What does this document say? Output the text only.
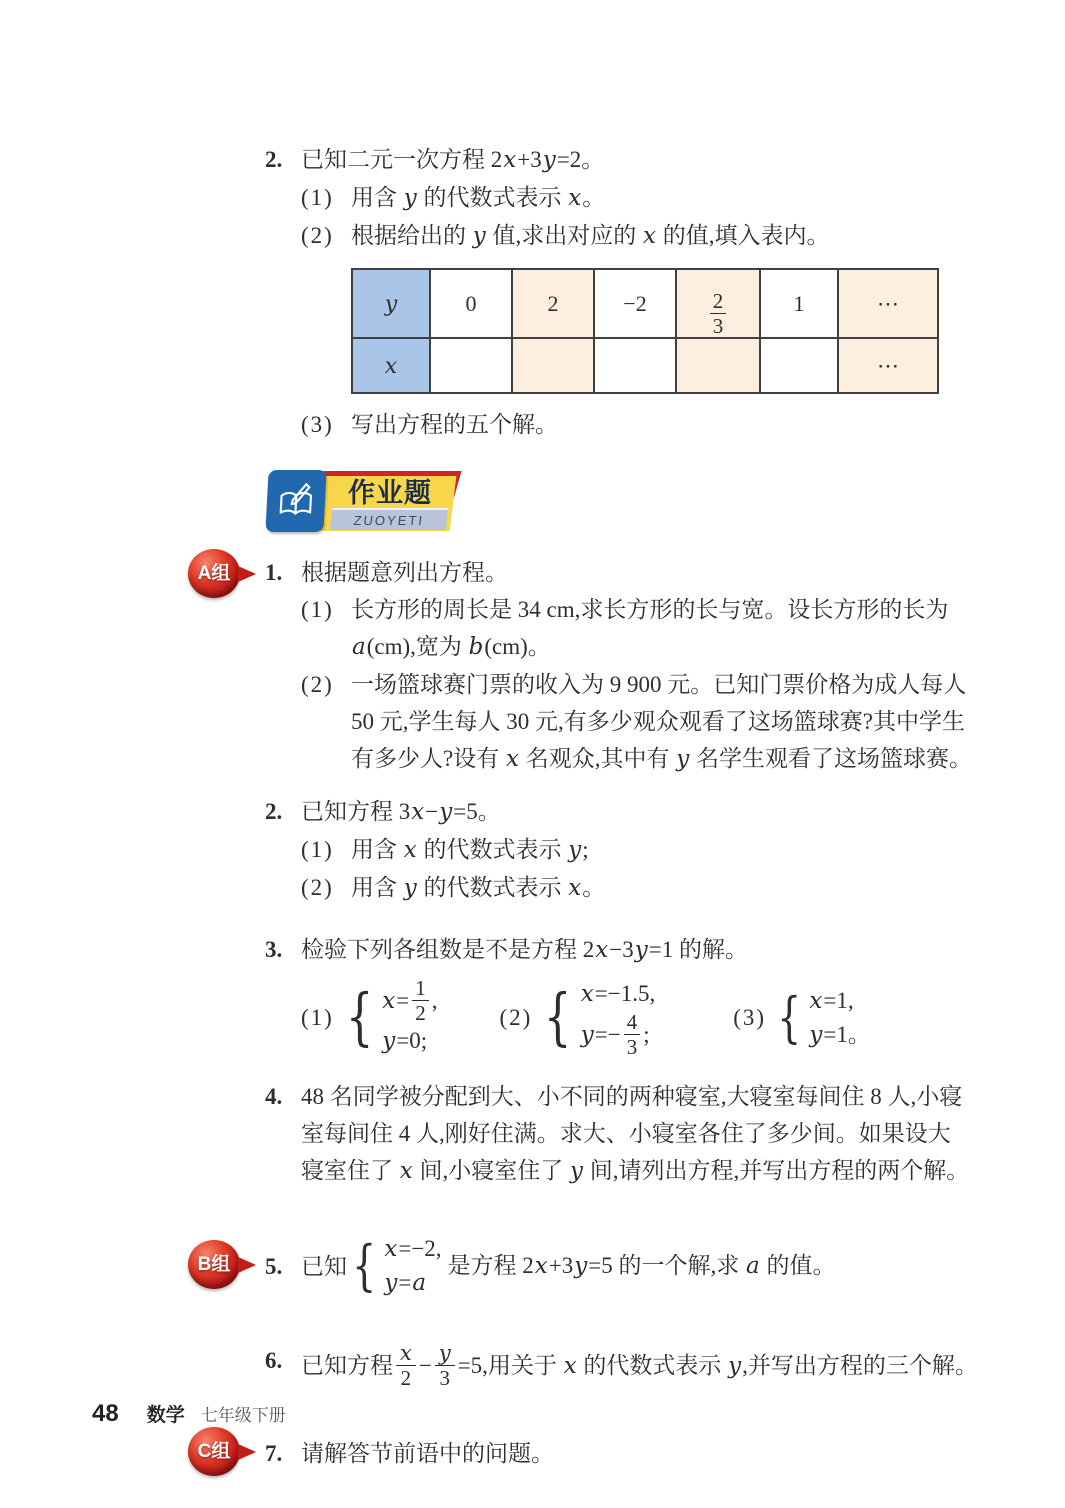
2. 已知二元一次方程 2x+3y=2。
(1) 用含 y 的代数式表示 x。
(2) 根据给出的 y 值,求出对应的 x 的值,填入表内。
y	0	2	−2	$\frac{2}{3}$	1	⋯
x						⋯
(3) 写出方程的五个解。
ZUOYETI
作业题
A组	1. 根据题意列出方程。
(1) 长方形的周长是 34 cm,求长方形的长与宽。设长方形的长为
a(cm),宽为 b(cm)。
(2) 一场篮球赛门票的收入为 9 900 元。已知门票价格为成人每人
50 元,学生每人 30 元,有多少观众观看了这场篮球赛?其中学生
有多少人?设有 x 名观众,其中有 y 名学生观看了这场篮球赛。
2. 已知方程 3x−y=5。
(1) 用含 x 的代数式表示 y;
(2) 用含 y 的代数式表示 x。
3. 检验下列各组数是不是方程 2x−3y=1 的解。
(1) { $x= \frac{1}{2}$ ,
y =0;
(2) { x =−1.5,
$y=- \frac{4}{3}$ ;
(3) { x =1,
y =1。
4. 48 名同学被分配到大、小不同的两种寝室,大寝室每间住 8 人,小寝
室每间住 4 人,刚好住满。求大、小寝室各住了多少间。如果设大
寝室住了 x 间,小寝室住了 y 间,请列出方程,并写出方程的两个解。
B组	5. 已知 { x =−2,
y = a
是方程 2x+3y=5 的一个解,求 a 的值。
6. 已知方程 $\frac{x}{2} - \frac{y}{3} =5$, 用关于 x 的代数式表示 y,并写出方程的三个解。
C组	7. 请解答节前语中的问题。
48 数学 七年级下册
